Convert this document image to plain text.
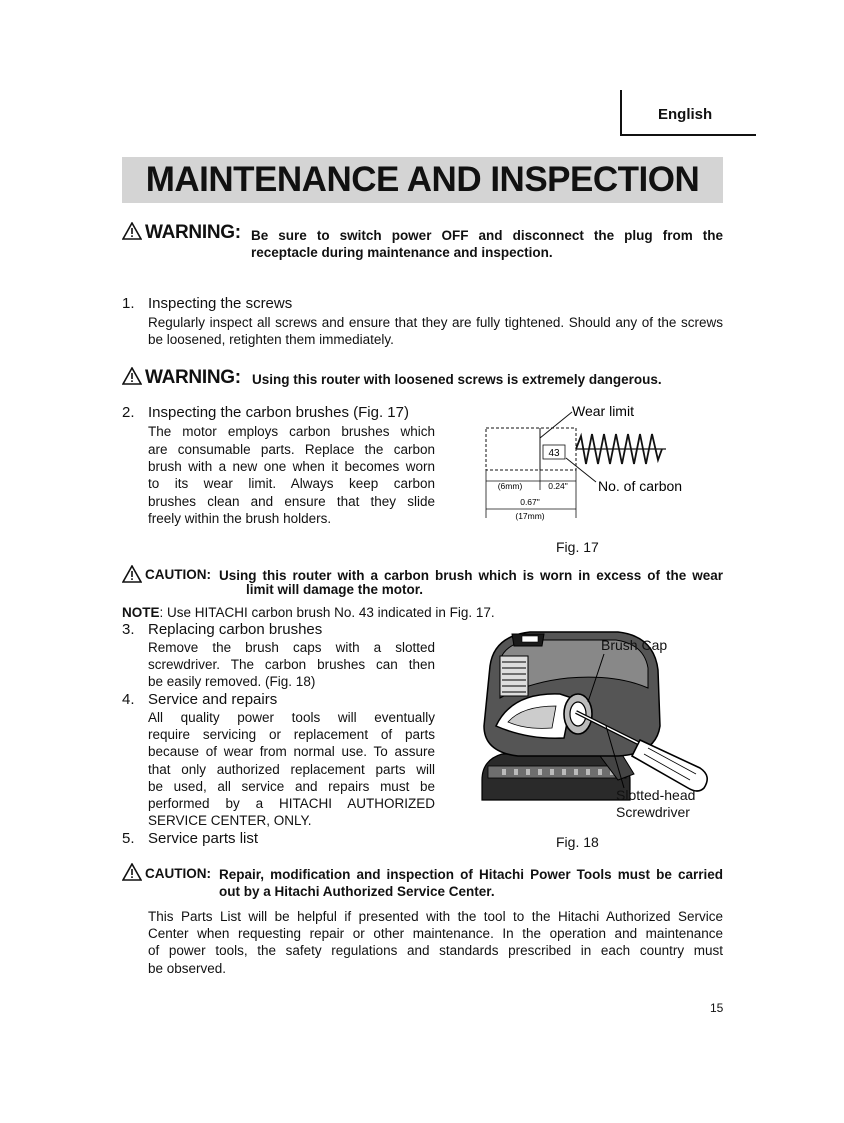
English
MAINTENANCE AND INSPECTION
WARNING: Be sure to switch power OFF and disconnect the plug from the
receptacle during maintenance and inspection.
1. Inspecting the screws
Regularly inspect all screws and ensure that they are fully tightened. Should any of the screws be loosened, retighten them immediately.
WARNING: Using this router with loosened screws is extremely dangerous.
2. Inspecting the carbon brushes (Fig. 17)
The motor employs carbon brushes which
are consumable parts. Replace the carbon
brush with a new one when it becomes worn
to its wear limit. Always keep carbon
brushes clean and ensure that they slide
freely within the brush holders.
43
Wear limit
No. of carbon
(6mm)	0.24"
0.67"
(17mm)
Fig. 17
CAUTION: Using this router with a carbon brush which is worn in excess of the wear
limit will damage the motor.
NOTE: Use HITACHI carbon brush No. 43 indicated in Fig. 17.
3. Replacing carbon brushes
Remove the brush caps with a slotted
screwdriver. The carbon brushes can then
be easily removed. (Fig. 18)
4. Service and repairs
All quality power tools will eventually
require servicing or replacement of parts
because of wear from normal use. To assure
that only authorized replacement parts will
be used, all service and repairs must be
performed by a HITACHI AUTHORIZED
SERVICE CENTER, ONLY.
5. Service parts list
Brush Cap
Slotted-head
Screwdriver
Fig. 18
CAUTION: Repair, modification and inspection of Hitachi Power Tools must be carried
out by a Hitachi Authorized Service Center.
This Parts List will be helpful if presented with the tool to the Hitachi Authorized Service
Center when requesting repair or other maintenance. In the operation and maintenance
of power tools, the safety regulations and standards prescribed in each country must
be observed.
15
